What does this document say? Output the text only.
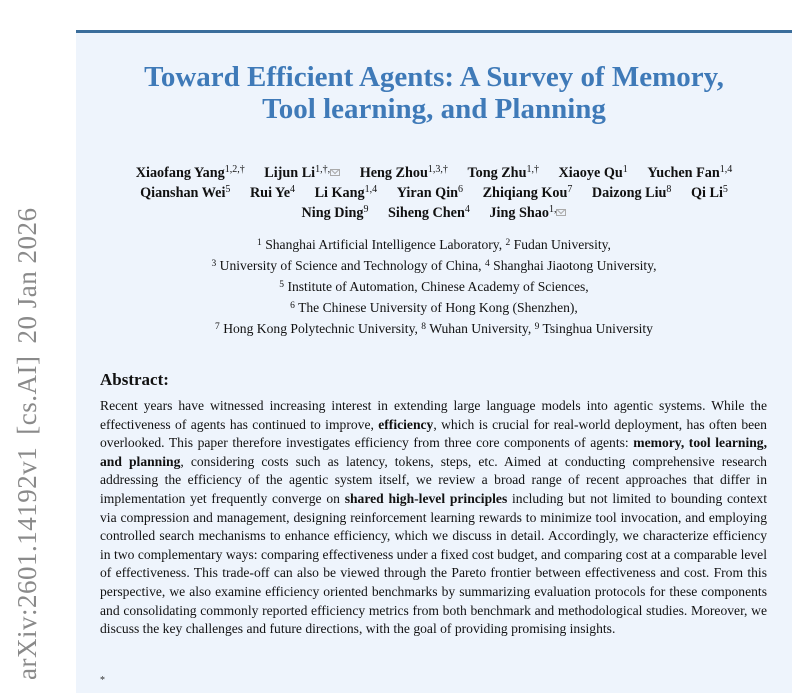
arXiv:2601.14192v1[cs.AI]20 Jan 2026
Toward Efficient Agents: A Survey of Memory,
Tool learning, and Planning
Xiaofang Yang$^{1,2,\dagger}$ Lijun $Li^{1,\dagger,}$ Heng Zhou$^{1,3,\dagger}$ Tong Zhu$^{1,\dagger}$ Xiaoye Qu$^1$ Yuchen Fan$^{1,4}$
Qianshan Wei$^5$ Rui Ye$^4$ Li Kang$^{1,4}$ Yiran Qin$^6$ Zhiqiang Kou$^7$ Daizong Liu$^8$ Qi Li$^5$
Ning Ding$^9$ Siheng Chen$^4$ Jing Shao$^{1,}$
$^1$ Shanghai Artificial Intelligence Laboratory, $^2$ Fudan University,
$^3$ University of Science and Technology of China, $^4$ Shanghai Jiaotong University,
$^5$ Institute of Automation, Chinese Academy of Sciences,
$^6$ The Chinese University of Hong Kong (Shenzhen),
$^7$ Hong Kong Polytechnic University, $^8$ Wuhan University, $^9$ Tsinghua University
Abstract:
Recent years have witnessed increasing interest in extending large language models into agentic systems. While the effectiveness of agents has continued to improve, efficiency, which is crucial for real-world deployment, has often been overlooked. This paper therefore investigates efficiency from three core components of agents: memory, tool learning, and planning, considering costs such as latency, tokens, steps, etc. Aimed at conducting comprehensive research addressing the efficiency of the agentic system itself, we review a broad range of recent approaches that differ in implementation yet frequently converge on shared high-level principles including but not limited to bounding context via compression and management, designing reinforcement learning rewards to minimize tool invocation, and employing controlled search mechanisms to enhance efficiency, which we discuss in detail. Accordingly, we characterize efficiency in two complementary ways: comparing effectiveness under a fixed cost budget, and comparing cost at a comparable level of effectiveness. This trade-off can also be viewed through the Pareto frontier between effectiveness and cost. From this perspective, we also examine efficiency oriented benchmarks by summarizing evaluation protocols for these components and consolidating commonly reported efficiency metrics from both benchmark and methodological studies. Moreover, we discuss the key challenges and future directions, with the goal of providing promising insights.
*
